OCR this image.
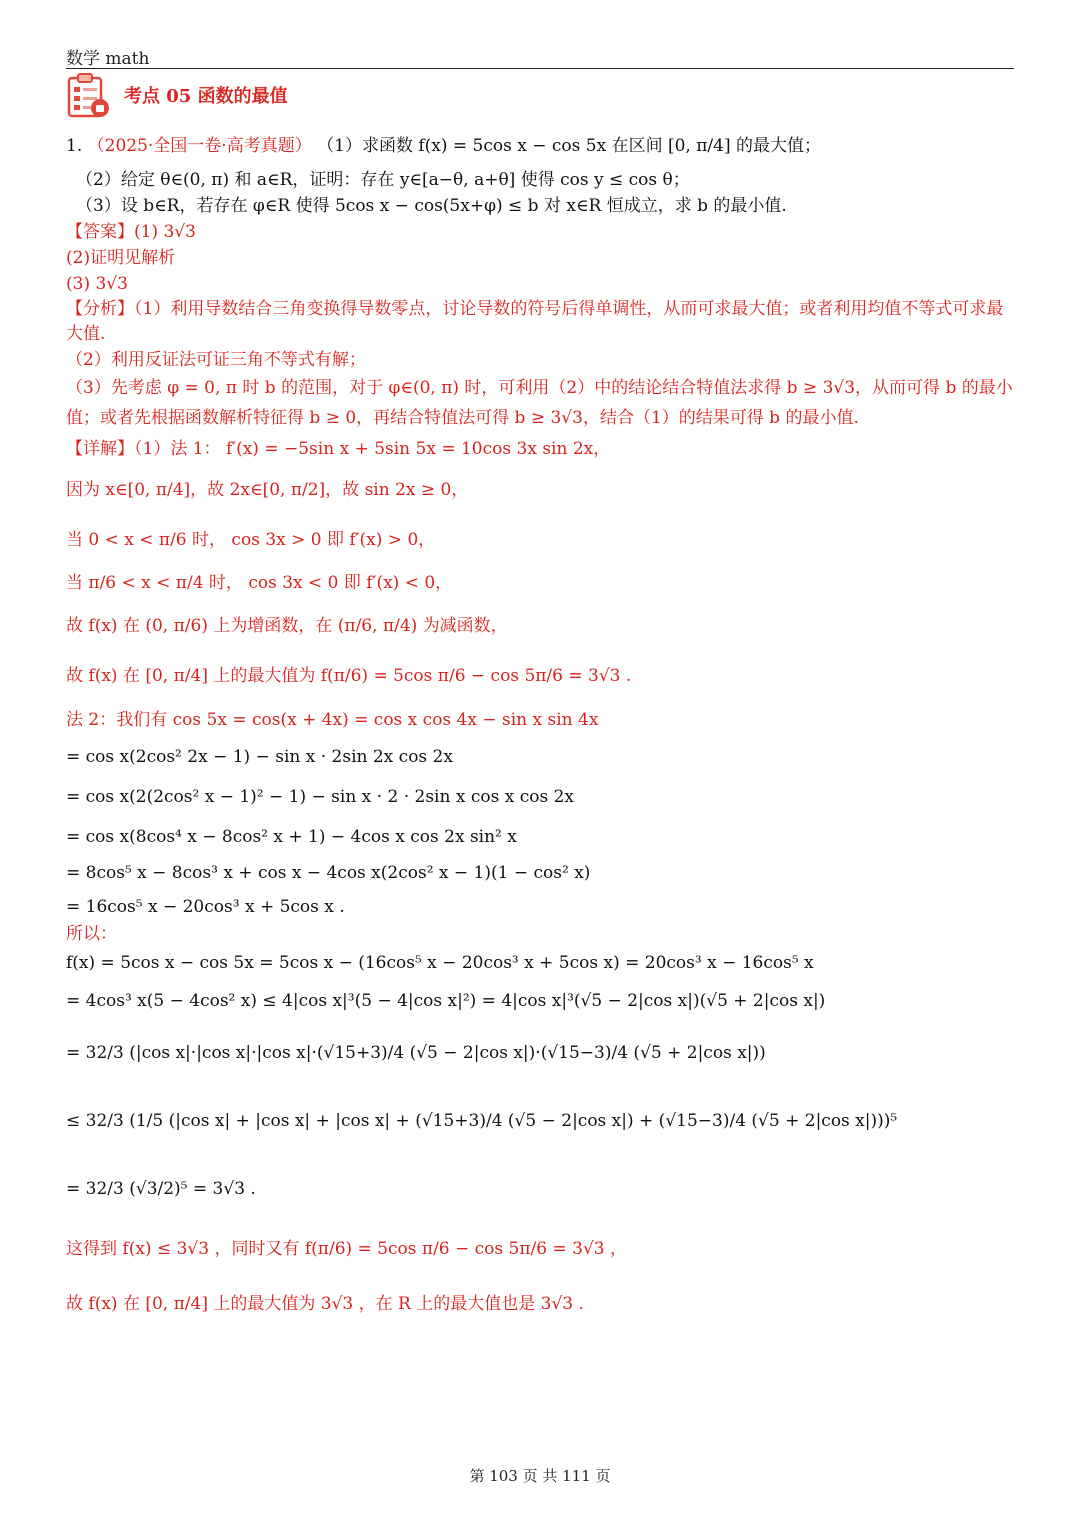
数学 math
考点 05 函数的最值

1. （2025·全国一卷·高考真题） （1）求函数 f(x) = 5cos x − cos 5x 在区间 [0, π/4] 的最大值；

（2）给定 θ∈(0, π) 和 a∈R，证明：存在 y∈[a−θ, a+θ] 使得 cos y ≤ cos θ；

（3）设 b∈R，若存在 φ∈R 使得 5cos x − cos(5x+φ) ≤ b 对 x∈R 恒成立，求 b 的最小值.

【答案】(1) 3√3

(2)证明见解析

(3) 3√3

【分析】（1）利用导数结合三角变换得导数零点，讨论导数的符号后得单调性，从而可求最大值；或者利用均值不等式可求最大值.

（2）利用反证法可证三角不等式有解；

（3）先考虑 φ = 0, π 时 b 的范围，对于 φ∈(0, π) 时，可利用（2）中的结论结合特值法求得 b ≥ 3√3，从而可得 b 的最小值；或者先根据函数解析特征得 b ≥ 0，再结合特值法可得 b ≥ 3√3，结合（1）的结果可得 b 的最小值.

【详解】（1）法 1： f′(x) = −5sin x + 5sin 5x = 10cos 3x sin 2x，

因为 x∈[0, π/4]，故 2x∈[0, π/2]，故 sin 2x ≥ 0，

当 0 < x < π/6 时， cos 3x > 0 即 f′(x) > 0，

当 π/6 < x < π/4 时， cos 3x < 0 即 f′(x) < 0，

故 f(x) 在 (0, π/6) 上为增函数，在 (π/6, π/4) 为减函数，

故 f(x) 在 [0, π/4] 上的最大值为 f(π/6) = 5cos π/6 − cos 5π/6 = 3√3 .

法 2：我们有 cos 5x = cos(x + 4x) = cos x cos 4x − sin x sin 4x

= cos x(2cos² 2x − 1) − sin x · 2sin 2x cos 2x

= cos x(2(2cos² x − 1)² − 1) − sin x · 2 · 2sin x cos x cos 2x

= cos x(8cos⁴ x − 8cos² x + 1) − 4cos x cos 2x sin² x

= 8cos⁵ x − 8cos³ x + cos x − 4cos x(2cos² x − 1)(1 − cos² x)

= 16cos⁵ x − 20cos³ x + 5cos x .

所以：

f(x) = 5cos x − cos 5x = 5cos x − (16cos⁵ x − 20cos³ x + 5cos x) = 20cos³ x − 16cos⁵ x

= 4cos³ x(5 − 4cos² x) ≤ 4|cos x|³(5 − 4|cos x|²) = 4|cos x|³(√5 − 2|cos x|)(√5 + 2|cos x|)

= 32/3 (|cos x|·|cos x|·|cos x|·(√15+3)/4 (√5 − 2|cos x|)·(√15−3)/4 (√5 + 2|cos x|))

≤ 32/3 (1/5 (|cos x| + |cos x| + |cos x| + (√15+3)/4 (√5 − 2|cos x|) + (√15−3)/4 (√5 + 2|cos x|)))⁵

= 32/3 (√3/2)⁵ = 3√3 .

这得到 f(x) ≤ 3√3 ，同时又有 f(π/6) = 5cos π/6 − cos 5π/6 = 3√3 ，

故 f(x) 在 [0, π/4] 上的最大值为 3√3 ，在 R 上的最大值也是 3√3 .

第 103 页 共 111 页
